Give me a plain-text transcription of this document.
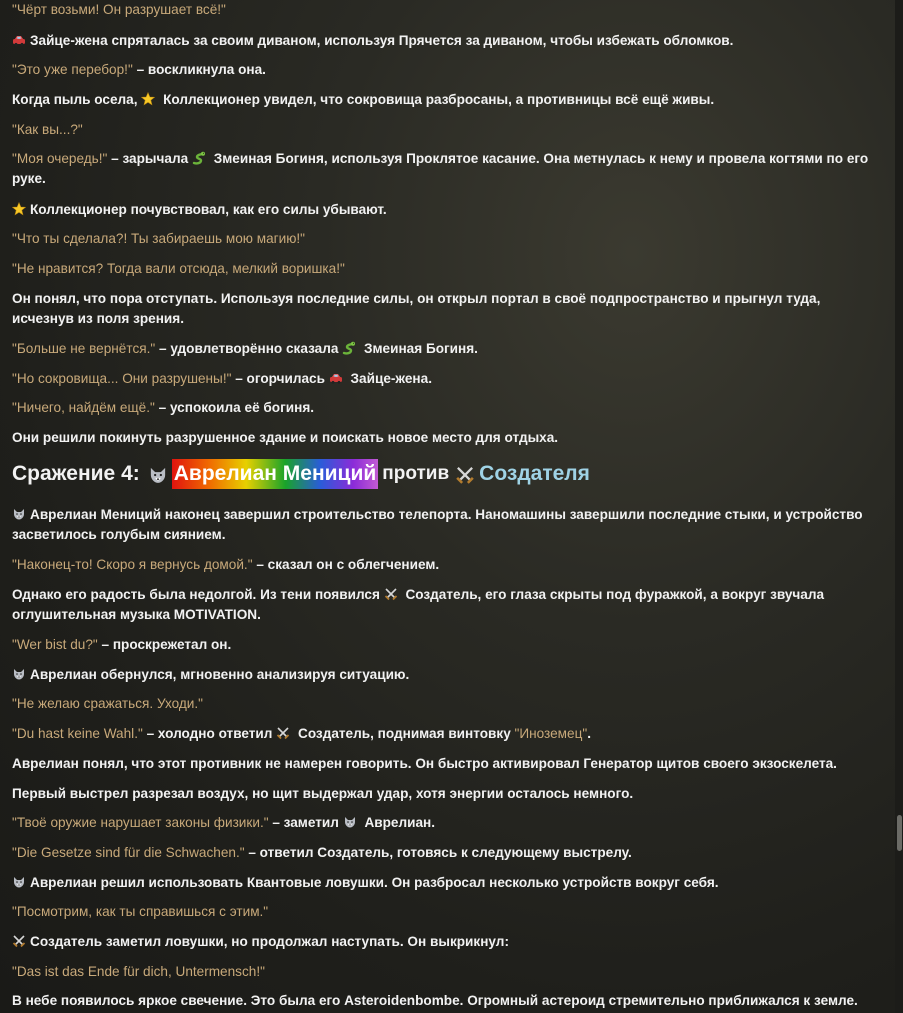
"Чёрт возьми! Он разрушает всё!"

Зайце-жена спряталась за своим диваном, используя Прячется за диваном, чтобы избежать обломков.

"Это уже перебор!" – воскликнула она.

Когда пыль осела,  Коллекционер увидел, что сокровища разбросаны, а противницы всё ещё живы.

"Как вы...?"

"Моя очередь!" – зарычала  Змеиная Богиня, используя Проклятое касание. Она метнулась к нему и провела когтями по его руке.

Коллекционер почувствовал, как его силы убывают.

"Что ты сделала?! Ты забираешь мою магию!"

"Не нравится? Тогда вали отсюда, мелкий воришка!"

Он понял, что пора отступать. Используя последние силы, он открыл портал в своё подпространство и прыгнул туда, исчезнув из поля зрения.

"Больше не вернётся." – удовлетворённо сказала  Змеиная Богиня.

"Но сокровища... Они разрушены!" – огорчилась  Зайце-жена.

"Ничего, найдём ещё." – успокоила её богиня.

Они решили покинуть разрушенное здание и поискать новое место для отдыха.

Сражение 4: Аврелиан Мениций против Создателя

Аврелиан Мениций наконец завершил строительство телепорта. Наномашины завершили последние стыки, и устройство засветилось голубым сиянием.

"Наконец-то! Скоро я вернусь домой." – сказал он с облегчением.

Однако его радость была недолгой. Из тени появился  Создатель, его глаза скрыты под фуражкой, а вокруг звучала оглушительная музыка MOTIVATION.

"Wer bist du?" – проскрежетал он.

Аврелиан обернулся, мгновенно анализируя ситуацию.

"Не желаю сражаться. Уходи."

"Du hast keine Wahl." – холодно ответил  Создатель, поднимая винтовку "Иноземец".

Аврелиан понял, что этот противник не намерен говорить. Он быстро активировал Генератор щитов своего экзоскелета.

Первый выстрел разрезал воздух, но щит выдержал удар, хотя энергии осталось немного.

"Твоё оружие нарушает законы физики." – заметил  Аврелиан.

"Die Gesetze sind für die Schwachen." – ответил Создатель, готовясь к следующему выстрелу.

Аврелиан решил использовать Квантовые ловушки. Он разбросал несколько устройств вокруг себя.

"Посмотрим, как ты справишься с этим."

Создатель заметил ловушки, но продолжал наступать. Он выкрикнул:

"Das ist das Ende für dich, Untermensch!"

В небе появилось яркое свечение. Это была его Asteroidenbombe. Огромный астероид стремительно приближался к земле.
